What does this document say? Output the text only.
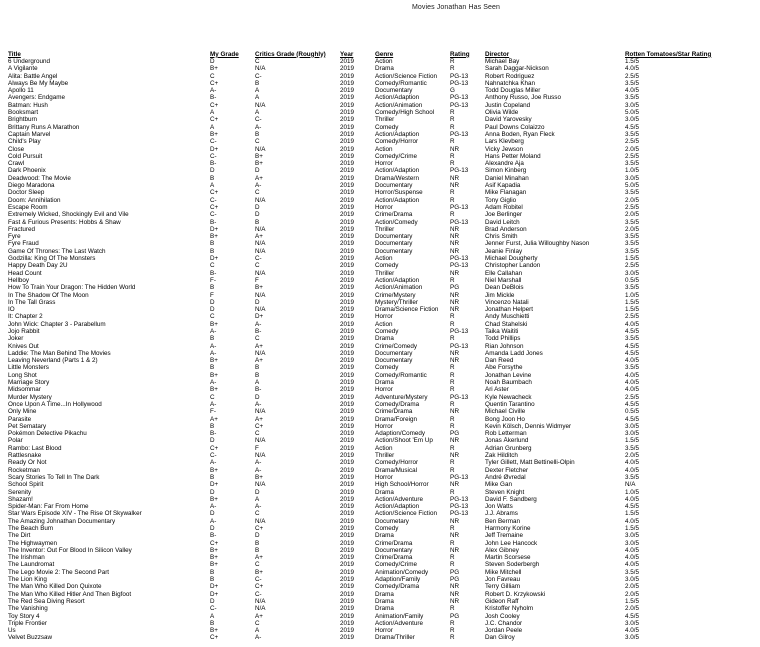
Movies Jonathan Has Seen
Title	My Grade	Critics Grade (Roughly)	Year	Genre	Rating	Director	Rotten Tomatoes/Star Rating
6 Underground	D	C	2019	Action	R	Michael Bay	1.5/5
A Vigilante	B+	N/A	2019	Drama	R	Sarah Daggar-Nickson	4.0/5
Alita: Battle Angel	C	C-	2019	Action/Science Fiction	PG-13	Robert Rodriguez	2.5/5
Always Be My Maybe	C+	B	2019	Comedy/Romantic	PG-13	Nahnatchka Khan	3.5/5
Apollo 11	A-	A	2019	Documentary	G	Todd Douglas Miller	4.0/5
Avengers: Endgame	B-	A	2019	Action/Adaption	PG-13	Anthony Russo, Joe Russo	3.5/5
Batman: Hush	C+	N/A	2019	Action/Animation	PG-13	Justin Copeland	3.0/5
Booksmart	A	A	2019	Comedy/High School	R	Olivia Wilde	5.0/5
Brightburn	C+	C-	2019	Thriller	R	David Yarovesky	3.0/5
Brittany Runs A Marathon	A	A-	2019	Comedy	R	Paul Downs Colaizzo	4.5/5
Captain Marvel	B+	B	2019	Action/Adaption	PG-13	Anna Boden, Ryan Fleck	3.5/5
Child's Play	C-	C	2019	Comedy/Horror	R	Lars Klevberg	2.5/5
Close	D+	N/A	2019	Action	NR	Vicky Jewson	2.0/5
Cold Pursuit	C-	B+	2019	Comedy/Crime	R	Hans Petter Moland	2.5/5
Crawl	B-	B+	2019	Horror	R	Alexandre Aja	3.5/5
Dark Phoenix	D	D	2019	Action/Adaption	PG-13	Simon Kinberg	1.0/5
Deadwood: The Movie	B	A+	2019	Drama/Western	NR	Daniel Minahan	3.0/5
Diego Maradona	A	A-	2019	Documentary	NR	Asif Kapadia	5.0/5
Doctor Sleep	C+	C	2019	Horror/Suspense	R	Mike Flanagan	3.5/5
Doom: Annihilation	C-	N/A	2019	Action/Adaption	R	Tony Giglio	2.0/5
Escape Room	C+	D	2019	Horror	PG-13	Adam Robitel	2.5/5
Extremely Wicked, Shockingly Evil and Vile	C-	D	2019	Crime/Drama	R	Joe Berlinger	2.0/5
Fast & Furious Presents: Hobbs & Shaw	B-	B	2019	Action/Comedy	PG-13	David Leitch	3.5/5
Fractured	D+	N/A	2019	Thriller	NR	Brad Anderson	2.0/5
Fyre	B+	A+	2019	Documentary	NR	Chris Smith	3.5/5
Fyre Fraud	B	N/A	2019	Documentary	NR	Jenner Furst, Julia Willoughby Nason	3.5/5
Game Of Thrones: The Last Watch	B	N/A	2019	Documentary	NR	Jeanie Finlay	3.5/5
Godzilla: King Of The Monsters	D+	C-	2019	Action	PG-13	Michael Dougherty	1.5/5
Happy Death Day 2U	C	C	2019	Comedy	PG-13	Christopher Landon	2.5/5
Head Count	B-	N/A	2019	Thriller	NR	Elle Callahan	3.0/5
Hellboy	F-	F	2019	Action/Adaption	R	Niel Marshall	0.5/5
How To Train Your Dragon: The Hidden World	B	B+	2019	Action/Animation	PG	Dean DeBlois	3.5/5
In The Shadow Of The Moon	F	N/A	2019	Crime/Mystery	NR	Jim Mickle	1.0/5
In The Tall Grass	D	D	2019	Mystery/Thriller	NR	Vincenzo Natali	1.5/5
IO	D	N/A	2019	Drama/Science Fiction	NR	Jonathan Helpert	1.5/5
It: Chapter 2	C	D+	2019	Horror	R	Andy Muschietti	2.5/5
John Wick: Chapter 3 - Parabellum	B+	A-	2019	Action	R	Chad Stahelski	4.0/5
Jojo Rabbit	A-	B-	2019	Comedy	PG-13	Taika Waititi	4.5/5
Joker	B	C	2019	Drama	R	Todd Phillips	3.5/5
Knives Out	A-	A+	2019	Crime/Comedy	PG-13	Rian Johnson	4.5/5
Laddie: The Man Behind The Movies	A-	N/A	2019	Documentary	NR	Amanda Ladd Jones	4.5/5
Leaving Neverland (Parts 1 & 2)	B+	A+	2019	Documentary	NR	Dan Reed	4.0/5
Little Monsters	B	B	2019	Comedy	R	Abe Forsythe	3.5/5
Long Shot	B+	B	2019	Comedy/Romantic	R	Jonathan Levine	4.0/5
Marriage Story	A-	A	2019	Drama	R	Noah Baumbach	4.0/5
Midsommar	B+	B-	2019	Horror	R	Ari Aster	4.0/5
Murder Mystery	C	D	2019	Adventure/Mystery	PG-13	Kyle Newacheck	2.5/5
Once Upon A Time...In Hollywood	A-	A-	2019	Comedy/Drama	R	Quentin Tarantino	4.5/5
Only Mine	F-	N/A	2019	Crime/Drama	NR	Michael Civille	0.5/5
Parasite	A+	A+	2019	Drama/Foreign	R	Bong Joon Ho	4.5/5
Pet Sematary	B	C+	2019	Horror	R	Kevin Kölsch, Dennis Widmyer	3.0/5
Pokémon Detective Pikachu	B-	C	2019	Adaption/Comedy	PG	Rob Letterman	3.0/5
Polar	D	N/A	2019	Action/Shoot 'Em Up	NR	Jonas Åkerlund	1.5/5
Rambo: Last Blood	C+	F	2019	Action	R	Adrian Grunberg	3.5/5
Rattlesnake	C-	N/A	2019	Thriller	NR	Zak Hilditch	2.0/5
Ready Or Not	A-	A-	2019	Comedy/Horror	R	Tyler Gillett, Matt Bettinelli-Olpin	4.0/5
Rocketman	B+	A-	2019	Drama/Musical	R	Dexter Fletcher	4.0/5
Scary Stories To Tell In The Dark	B	B+	2019	Horror	PG-13	André Øvredal	3.5/5
School Spirit	D+	N/A	2019	High School/Horror	NR	Mike Gan	N/A
Serenity	D	D	2019	Drama	R	Steven Knight	1.0/5
Shazam!	B+	A	2019	Action/Adventure	PG-13	David F. Sandberg	4.0/5
Spider-Man: Far From Home	A-	A-	2019	Action/Adaption	PG-13	Jon Watts	4.5/5
Star Wars Episode XIV - The Rise Of Skywalker	D	C	2019	Action/Science Fiction	PG-13	J.J. Abrams	1.5/5
The Amazing Johnathan Documentary	A-	N/A	2019	Documetary	NR	Ben Berman	4.0/5
The Beach Bum	D	C+	2019	Comedy	R	Harmony Korine	1.5/5
The Dirt	B-	D	2019	Drama	NR	Jeff Tremaine	3.0/5
The Highwaymen	C+	B	2019	Crime/Drama	R	John Lee Hancock	3.0/5
The Inventor: Out For Blood In Silicon Valley	B+	B	2019	Documentary	NR	Alex Gibney	4.0/5
The Irishman	B+	A+	2019	Crime/Drama	R	Martin Scorsese	4.0/5
The Laundromat	B+	C	2019	Comedy/Crime	R	Steven Soderbergh	4.0/5
The Lego Movie 2: The Second Part	B	B+	2019	Animation/Comedy	PG	Mike Mitchell	3.5/5
The Lion King	B	C-	2019	Adaption/Family	PG	Jon Favreau	3.0/5
The Man Who Killed Don Quixote	D+	C+	2019	Comedy/Drama	NR	Terry Gilliam	2.0/5
The Man Who Killed Hitler And Then Bigfoot	D+	C-	2019	Drama	NR	Robert D. Krzykowski	2.0/5
The Red Sea Diving Resort	D	N/A	2019	Drama	NR	Gideon Raff	1.5/5
The Vanishing	C-	N/A	2019	Drama	R	Kristoffer Nyholm	2.0/5
Toy Story 4	A	A+	2019	Animation/Family	PG	Josh Cooley	4.5/5
Triple Frontier	B	C	2019	Action/Adventure	R	J.C. Chandor	3.0/5
Us	B+	A	2019	Horror	R	Jordan Peele	4.0/5
Velvet Buzzsaw	C+	A-	2019	Drama/Thriller	R	Dan Gilroy	3.0/5
